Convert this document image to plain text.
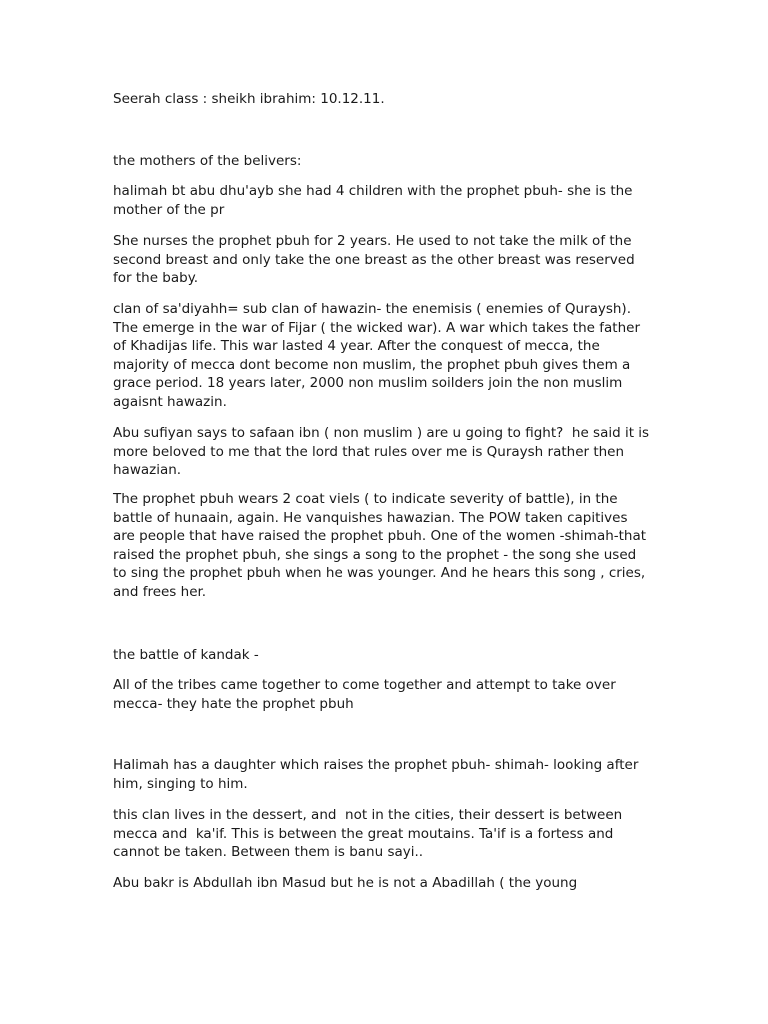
Seerah class : sheikh ibrahim: 10.12.11.

the mothers of the belivers:

halimah bt abu dhu'ayb she had 4 children with the prophet pbuh- she is the
mother of the pr

She nurses the prophet pbuh for 2 years. He used to not take the milk of the
second breast and only take the one breast as the other breast was reserved
for the baby.

clan of sa'diyahh= sub clan of hawazin- the enemisis ( enemies of Quraysh).
The emerge in the war of Fijar ( the wicked war). A war which takes the father
of Khadijas life. This war lasted 4 year. After the conquest of mecca, the
majority of mecca dont become non muslim, the prophet pbuh gives them a
grace period. 18 years later, 2000 non muslim soilders join the non muslim
agaisnt hawazin.

Abu sufiyan says to safaan ibn ( non muslim ) are u going to fight?  he said it is
more beloved to me that the lord that rules over me is Quraysh rather then
hawazian.

The prophet pbuh wears 2 coat viels ( to indicate severity of battle), in the
battle of hunaain, again. He vanquishes hawazian. The POW taken capitives
are people that have raised the prophet pbuh. One of the women -shimah-that
raised the prophet pbuh, she sings a song to the prophet - the song she used
to sing the prophet pbuh when he was younger. And he hears this song , cries,
and frees her.

the battle of kandak -

All of the tribes came together to come together and attempt to take over
mecca- they hate the prophet pbuh

Halimah has a daughter which raises the prophet pbuh- shimah- looking after
him, singing to him.

this clan lives in the dessert, and  not in the cities, their dessert is between
mecca and  ka'if. This is between the great moutains. Ta'if is a fortess and
cannot be taken. Between them is banu sayi..

Abu bakr is Abdullah ibn Masud but he is not a Abadillah ( the young
